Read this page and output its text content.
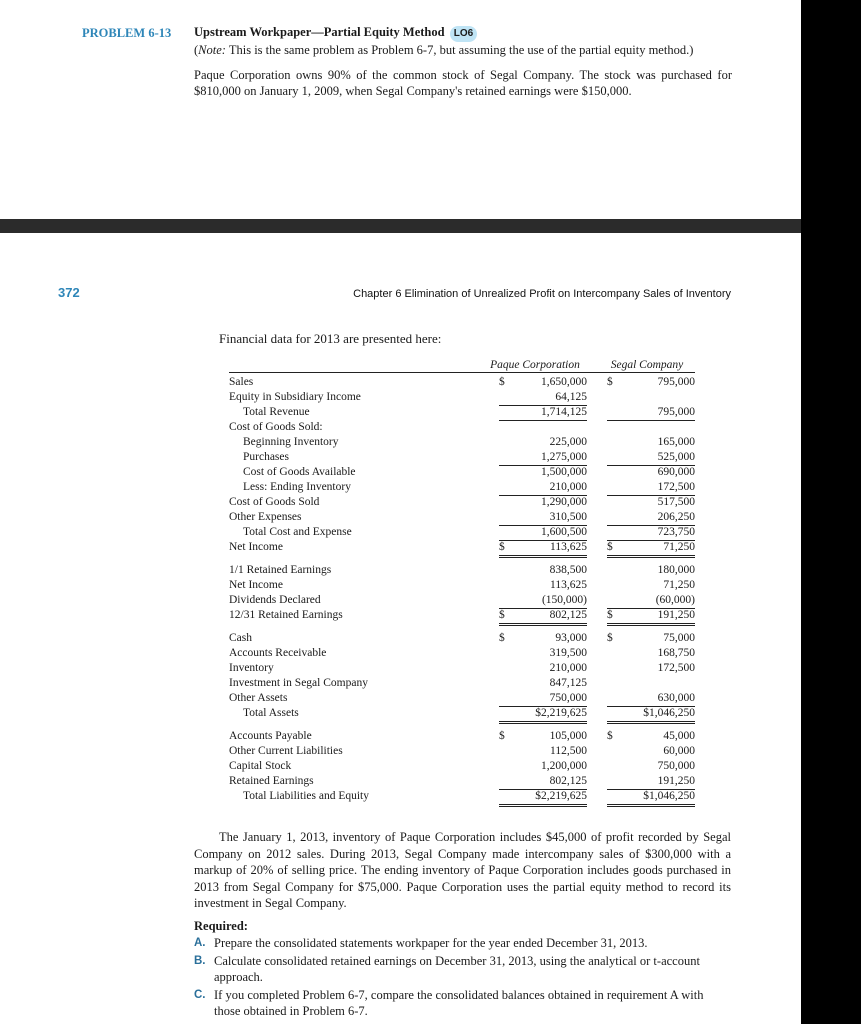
PROBLEM 6-13 Upstream Workpaper—Partial Equity Method LO6

(Note: This is the same problem as Problem 6-7, but assuming the use of the partial equity method.)

Paque Corporation owns 90% of the common stock of Segal Company. The stock was purchased for $810,000 on January 1, 2009, when Segal Company's retained earnings were $150,000.

372	Chapter 6 Elimination of Unrealized Profit on Intercompany Sales of Inventory
Financial data for 2013 are presented here:
Paque Corporation	Segal Company
Sales	$	1,650,000 $	795,000
Equity in Subsidiary Income	64,125
Total Revenue	1,714,125	795,000
Cost of Goods Sold:
Beginning Inventory	225,000	165,000
Purchases	1,275,000	525,000
Cost of Goods Available	1,500,000	690,000
Less: Ending Inventory	210,000	172,500
Cost of Goods Sold	1,290,000	517,500
Other Expenses	310,500	206,250
Total Cost and Expense	1,600,500	723,750
Net Income	$	113,625 $	71,250
1/1 Retained Earnings	838,500	180,000
Net Income	113,625	71,250
Dividends Declared	(150,000)	(60,000)
12/31 Retained Earnings	$	802,125 $	191,250
Cash	$	93,000 $	75,000
Accounts Receivable	319,500	168,750
Inventory	210,000	172,500
Investment in Segal Company	847,125
Other Assets	750,000	630,000
Total Assets	$2,219,625	$1,046,250
Accounts Payable	$	105,000 $	45,000
Other Current Liabilities	112,500	60,000
Capital Stock	1,200,000	750,000
Retained Earnings	802,125	191,250
Total Liabilities and Equity	$2,219,625	$1,046,250

The January 1, 2013, inventory of Paque Corporation includes $45,000 of profit recorded by Segal Company on 2012 sales. During 2013, Segal Company made intercompany sales of $300,000 with a markup of 20% of selling price. The ending inventory of Paque Corporation includes goods purchased in 2013 from Segal Company for $75,000. Paque Corporation uses the partial equity method to record its investment in Segal Company.

Required:
A. Prepare the consolidated statements workpaper for the year ended December 31, 2013.
B. Calculate consolidated retained earnings on December 31, 2013, using the analytical or t-account approach.
C. If you completed Problem 6-7, compare the consolidated balances obtained in requirement A with those obtained in Problem 6-7.
